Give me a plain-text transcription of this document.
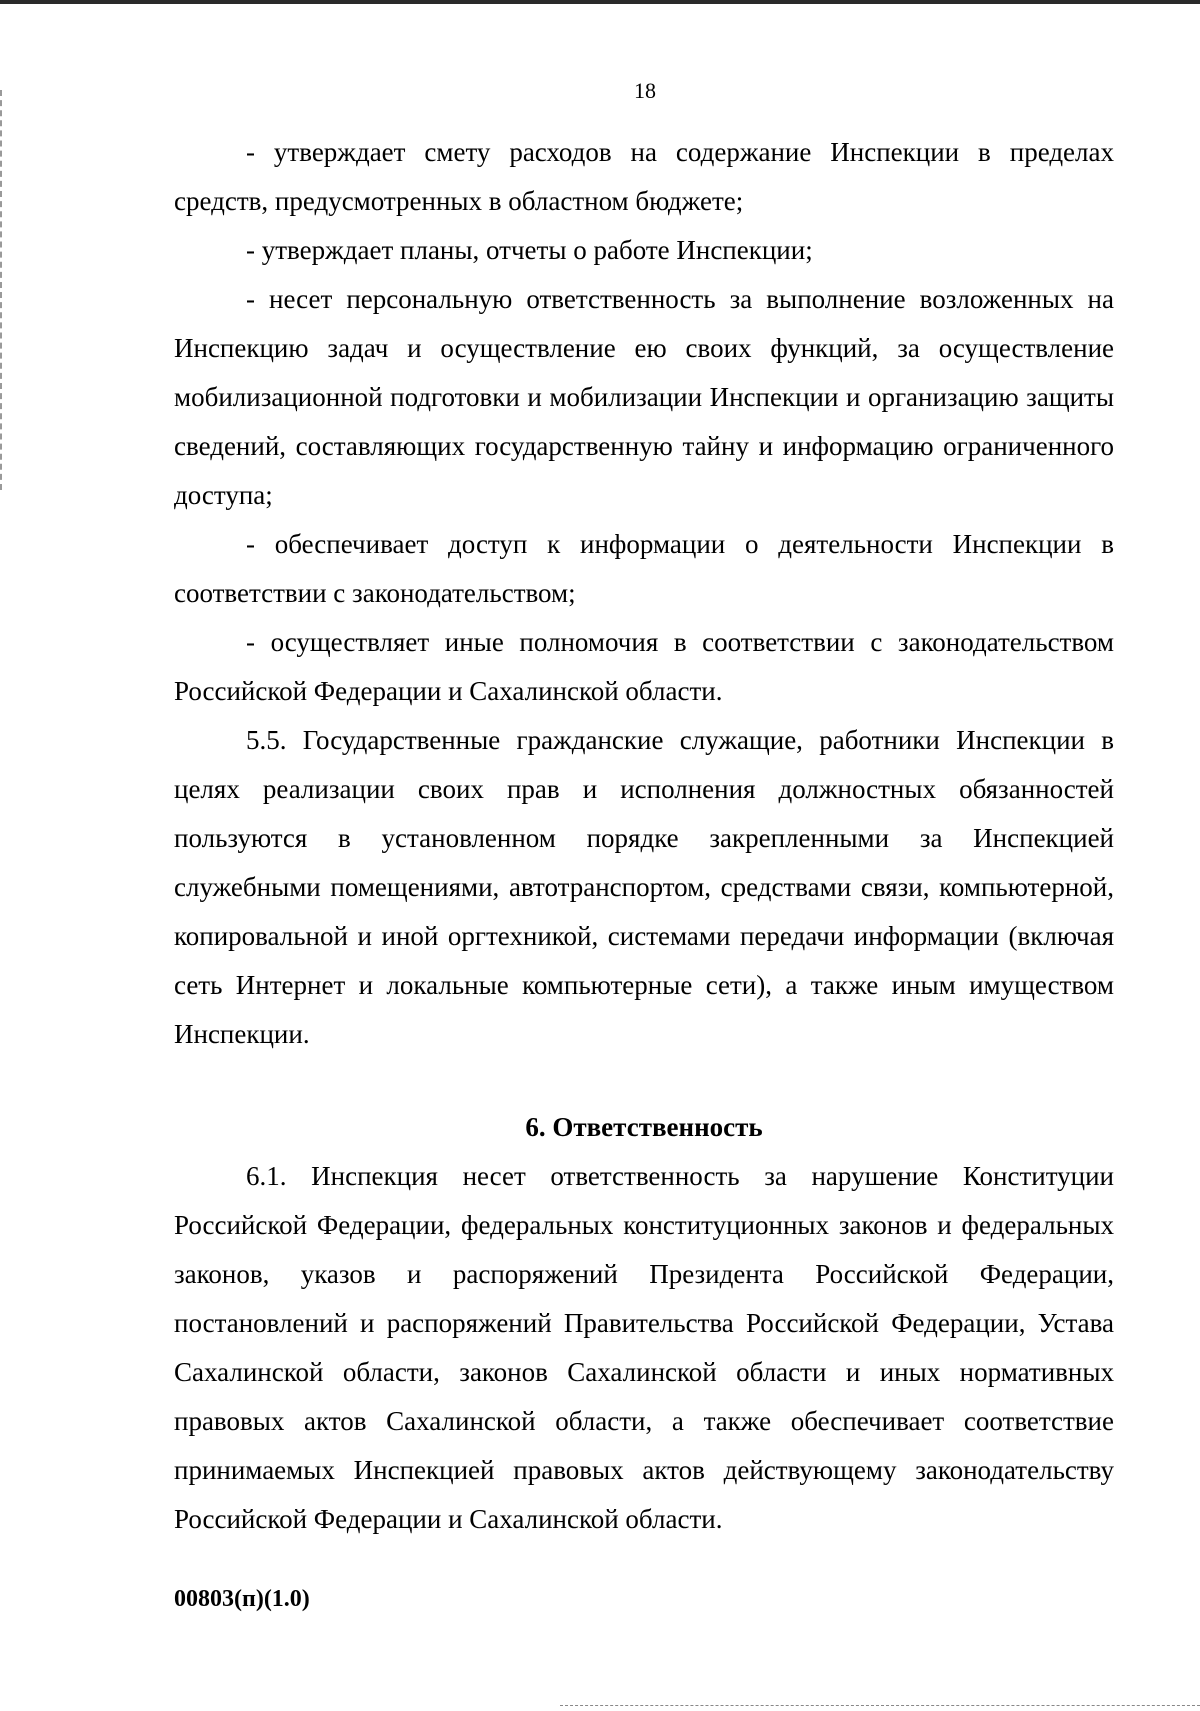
18

- утверждает смету расходов на содержание Инспекции в пределах средств, предусмотренных в областном бюджете;

- утверждает планы, отчеты о работе Инспекции;

- несет персональную ответственность за выполнение возложенных на Инспекцию задач и осуществление ею своих функций, за осуществление мобилизационной подготовки и мобилизации Инспекции и организацию защиты сведений, составляющих государственную тайну и информацию ограниченного доступа;

- обеспечивает доступ к информации о деятельности Инспекции в соответствии с законодательством;

- осуществляет иные полномочия в соответствии с законодательством Российской Федерации и Сахалинской области.

5.5. Государственные гражданские служащие, работники Инспекции в целях реализации своих прав и исполнения должностных обязанностей пользуются в установленном порядке закрепленными за Инспекцией служебными помещениями, автотранспортом, средствами связи, компьютерной, копировальной и иной оргтехникой, системами передачи информации (включая сеть Интернет и локальные компьютерные сети), а также иным имуществом Инспекции.

6. Ответственность

6.1. Инспекция несет ответственность за нарушение Конституции Российской Федерации, федеральных конституционных законов и федеральных законов, указов и распоряжений Президента Российской Федерации, постановлений и распоряжений Правительства Российской Федерации, Устава Сахалинской области, законов Сахалинской области и иных нормативных правовых актов Сахалинской области, а также обеспечивает соответствие принимаемых Инспекцией правовых актов действующему законодательству Российской Федерации и Сахалинской области.

00803(п)(1.0)
